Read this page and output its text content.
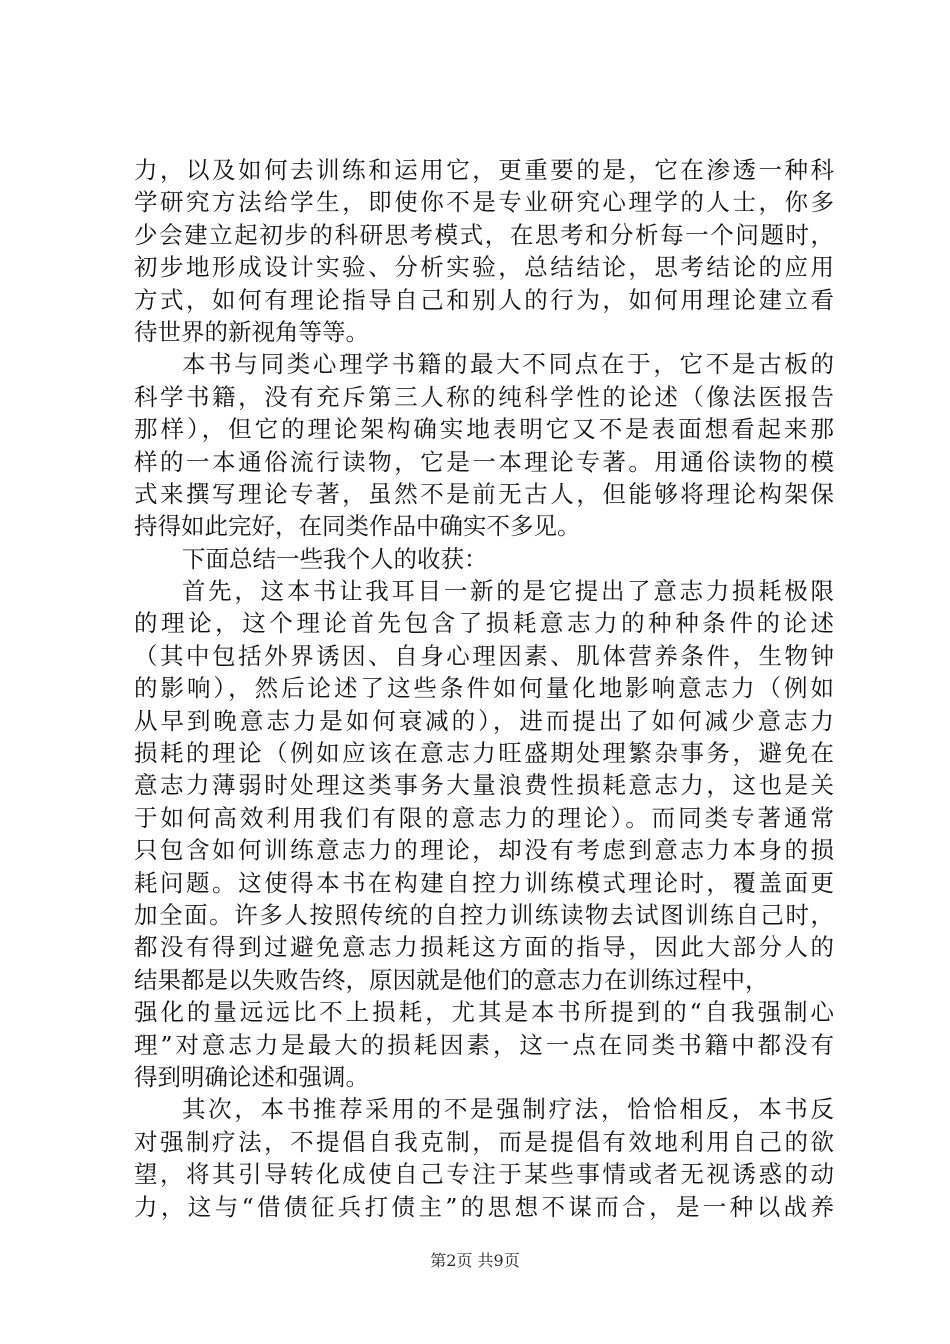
力，以及如何去训练和运用它，更重要的是，它在渗透一种科
学研究方法给学生，即使你不是专业研究心理学的人士，你多
少会建立起初步的科研思考模式，在思考和分析每一个问题时，
初步地形成设计实验、分析实验，总结结论，思考结论的应用
方式，如何有理论指导自己和别人的行为，如何用理论建立看
待世界的新视角等等。
本书与同类心理学书籍的最大不同点在于，它不是古板的
科学书籍，没有充斥第三人称的纯科学性的论述（像法医报告
那样），但它的理论架构确实地表明它又不是表面想看起来那
样的一本通俗流行读物，它是一本理论专著。用通俗读物的模
式来撰写理论专著，虽然不是前无古人，但能够将理论构架保
持得如此完好，在同类作品中确实不多见。
下面总结一些我个人的收获：
首先，这本书让我耳目一新的是它提出了意志力损耗极限
的理论，这个理论首先包含了损耗意志力的种种条件的论述
（其中包括外界诱因、自身心理因素、肌体营养条件，生物钟
的影响），然后论述了这些条件如何量化地影响意志力（例如
从早到晚意志力是如何衰减的），进而提出了如何减少意志力
损耗的理论（例如应该在意志力旺盛期处理繁杂事务，避免在
意志力薄弱时处理这类事务大量浪费性损耗意志力，这也是关
于如何高效利用我们有限的意志力的理论）。而同类专著通常
只包含如何训练意志力的理论，却没有考虑到意志力本身的损
耗问题。这使得本书在构建自控力训练模式理论时，覆盖面更
加全面。许多人按照传统的自控力训练读物去试图训练自己时，
都没有得到过避免意志力损耗这方面的指导，因此大部分人的
结果都是以失败告终，原因就是他们的意志力在训练过程中，
强化的量远远比不上损耗，尤其是本书所提到的“自我强制心
理”对意志力是最大的损耗因素，这一点在同类书籍中都没有
得到明确论述和强调。
其次，本书推荐采用的不是强制疗法，恰恰相反，本书反
对强制疗法，不提倡自我克制，而是提倡有效地利用自己的欲
望，将其引导转化成使自己专注于某些事情或者无视诱惑的动
力，这与“借债征兵打债主”的思想不谋而合，是一种以战养
第2页 共9页
